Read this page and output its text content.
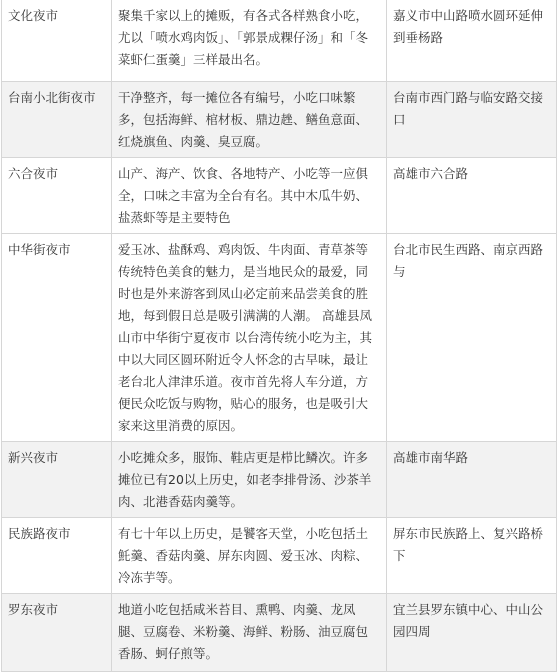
文化夜市	聚集千家以上的摊贩，有各式各样熟食小吃，尤以「喷水鸡肉饭」、「郭景成粿仔汤」和「冬菜虾仁蛋羹」三样最出名。	嘉义市中山路喷水圆环延伸到垂杨路
台南小北街夜市	干净整齐，每一摊位各有编号，小吃口味繁多，包括海鲜、棺材板、鼎边趖、鳝鱼意面、红烧旗鱼、肉羹、臭豆腐。	台南市西门路与临安路交接口
六合夜市	山产、海产、饮食、各地特产、小吃等一应俱全，口味之丰富为全台有名。其中木瓜牛奶、盐蒸虾等是主要特色	高雄市六合路
中华街夜市	爱玉冰、盐酥鸡、鸡肉饭、牛肉面、青草茶等传统特色美食的魅力，是当地民众的最爱，同时也是外来游客到凤山必定前来品尝美食的胜地，每到假日总是吸引满满的人潮。 高雄县凤山市中华街宁夏夜市 以台湾传统小吃为主，其中以大同区圆环附近令人怀念的古早味，最让老台北人津津乐道。夜市首先将人车分道，方便民众吃饭与购物，贴心的服务，也是吸引大家来这里消费的原因。	台北市民生西路、南京西路与
新兴夜市	小吃摊众多，服饰、鞋店更是栉比鳞次。许多摊位已有20以上历史，如老李排骨汤、沙茶羊肉、北港香菇肉羹等。	高雄市南华路
民族路夜市	有七十年以上历史，是饕客天堂，小吃包括土魠羹、香菇肉羹、屏东肉圆、爱玉冰、肉粽、冷冻芋等。	屏东市民族路上、复兴路桥下
罗东夜市	地道小吃包括咸米苔目、熏鸭、肉羹、龙凤腿、豆腐卷、米粉羹、海鲜、粉肠、油豆腐包香肠、蚵仔煎等。	宜兰县罗东镇中心、中山公园四周
